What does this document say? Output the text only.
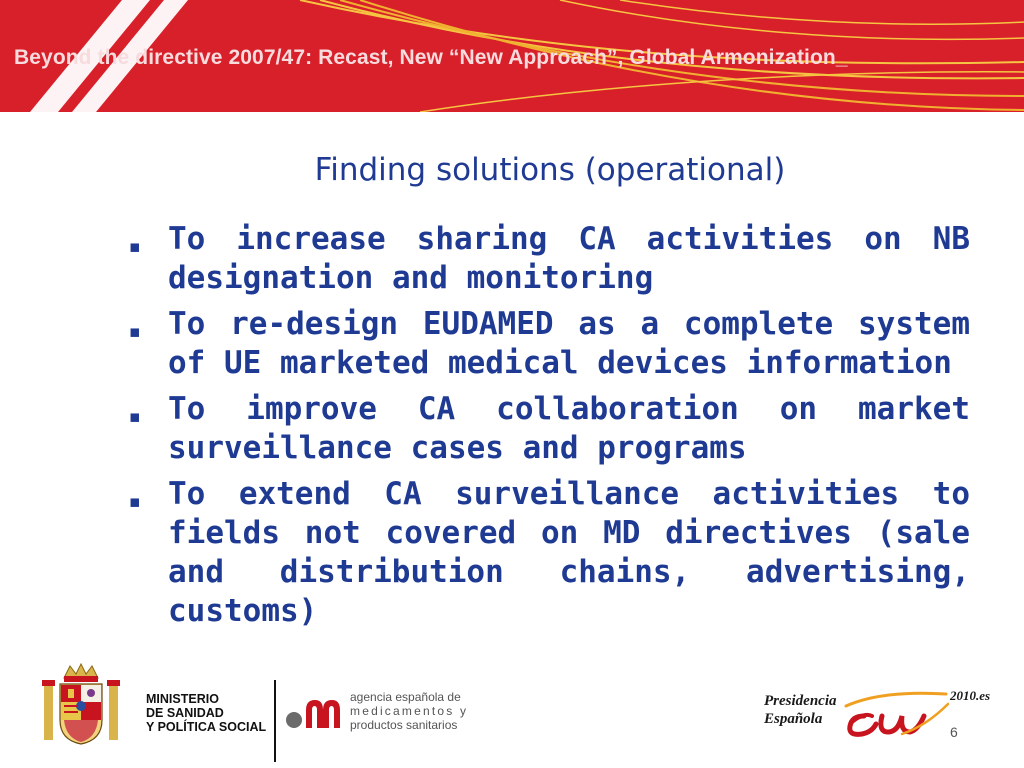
Beyond the directive 2007/47: Recast, New “New Approach”, Global Armonization_
Finding solutions (operational)
▪ To increase sharing CA activities on NB designation and monitoring
▪ To re-design EUDAMED as a complete system of UE marketed medical devices information
▪ To improve CA collaboration on market surveillance cases and programs
▪ To extend CA surveillance activities to fields not covered on MD directives (sale and distribution chains, advertising, customs)
MINISTERIO
DE SANIDAD
Y POLÍTICA SOCIAL
agencia española de
medicamentos y
productos sanitarios
Presidencia
Española
2010.es
6
